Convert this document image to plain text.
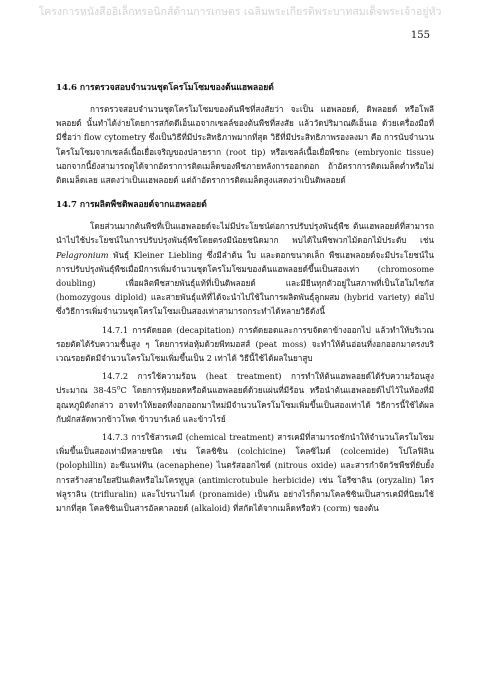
โครงการหนังสืออิเล็กทรอนิกส์ด้านการเกษตร เฉลิมพระเกียรติพระบาทสมเด็จพระเจ้าอยู่หัว
155
14.6 การตรวจสอบจำนวนชุดโครโมโซมของต้นแฮพลอยด์

การตรวจสอบจำนวนชุดโครโมโซมของต้นพืชที่สงสัยว่า จะเป็น แฮพลอยด์, ดิพลอยด์ หรือโพลีพลอยด์ นั้นทำได้ง่ายโดยการสกัดดีเอ็นเอจากเซลล์ของต้นพืชที่สงสัย แล้ววัดปริมาณดีเอ็นเอ ด้วยเครื่องมือที่มีชื่อว่า flow cytometry ซึ่งเป็นวิธีที่มีประสิทธิภาพมากที่สุด วิธีที่มีประสิทธิภาพรองลงมา คือ การนับจำนวนโครโมโซมจากเซลล์เนื้อเยื่อเจริญของปลายราก (root tip) หรือเซลล์เนื้อเยื่อพืชกะ (embryonic tissue) นอกจากนี้ยังสามารถดูได้จากอัตราการติดเมล็ดของพืชภายหลังการออกดอก ถ้าอัตราการติดเมล็ดต่ำหรือไม่ติดเมล็ดเลย แสดงว่าเป็นแฮพลอยด์ แต่ถ้าอัตราการติดเมล็ดสูงแสดงว่าเป็นดิพลอยด์

14.7 การผลิตพืชดิพลอยด์จากแฮพลอยด์

โดยส่วนมากต้นพืชที่เป็นแฮพลอยด์จะไม่มีประโยชน์ต่อการปรับปรุงพันธุ์พืช ต้นแฮพลอยด์ที่สามารถนำไปใช้ประโยชน์ในการปรับปรุงพันธุ์พืชโดยตรงมีน้อยชนิดมาก พบได้ในพืชพวกไม้ดอกไม้ประดับ เช่น Pelagronium พันธุ์ Kleiner Liebling ซึ่งมีลำต้น ใบ และดอกขนาดเล็ก พืชแฮพลอยด์จะมีประโยชน์ในการปรับปรุงพันธุ์พืชเมื่อมีการเพิ่มจำนวนชุดโครโมโซมของต้นแฮพลอยด์ขึ้นเป็นสองเท่า (chromosome doubling) เพื่อผลิตพืชสายพันธุ์แท้ที่เป็นดิพลอยด์ และมียีนทุกตัวอยู่ในสภาพที่เป็นโฮโมไซกัส (homozygous diploid) และสายพันธุ์แท้ที่ได้จะนำไปใช้ในการผลิตพันธุ์ลูกผสม (hybrid variety) ต่อไป ซึ่งวิธีการเพิ่มจำนวนชุดโครโมโซมเป็นสองเท่าสามารถกระทำได้หลายวิธีดังนี้

14.7.1 การตัดยอด (decapitation) การตัดยอดและการขจัดตาข้างออกไป แล้วทำให้บริเวณรอยตัดได้รับความชื้นสูง ๆ โดยการห่อหุ้มด้วยพีทมอสส์ (peat moss) จะทำให้ต้นอ่อนที่งอกออกมาตรงบริเวณรอยตัดมีจำนวนโครโมโซมเพิ่มขึ้นเป็น 2 เท่าได้ วิธีนี้ใช้ได้ผลในยาสูบ

14.7.2 การใช้ความร้อน (heat treatment) การทำให้ต้นแฮพลอยด์ได้รับความร้อนสูงประมาณ 38-45$^o$C โดยการหุ้มยอดหรือต้นแฮพลอยด์ด้วยแผ่นที่มีร้อน หรือนำต้นแฮพลอยด์ไปไว้ในห้องที่มีอุณหภูมิดังกล่าว อาจทำให้ยอดที่งอกออกมาใหม่มีจำนวนโครโมโซมเพิ่มขึ้นเป็นสองเท่าได้ วิธีการนี้ใช้ได้ผลกับผักสลัดพวกข้าวโพด ข้าวบาร์เลย์ และข้าวไรย์

14.7.3 การใช้สารเคมี (chemical treatment) สารเคมีที่สามารถชักนำให้จำนวนโครโมโซมเพิ่มขึ้นเป็นสองเท่ามีหลายชนิด เช่น โคลชิซิน (colchicine) โคลซิไมด์ (colcemide) โปโลฟิลิน (polophillin) อะซีแนฟทีน (acenaphene) ไนตรัสออกไซด์ (nitrous oxide) และสารกำจัดวัชพืชที่ยับยั้งการสร้างสายใยสปินเดิลหรือไมโครทูบูล (antimicrotubule herbicide) เช่น โอรีซาลิน (oryzalin) ไตรฟลูราลิน (trifluralin) และโปรนาไมด์ (pronamide) เป็นต้น อย่างไรก็ตามโคลชิซินเป็นสารเคมีที่นิยมใช้มากที่สุด โคลชิซินเป็นสารอัลคาลอยด์ (alkaloid) ที่สกัดได้จากเมล็ดหรือหัว (corm) ของต้น
